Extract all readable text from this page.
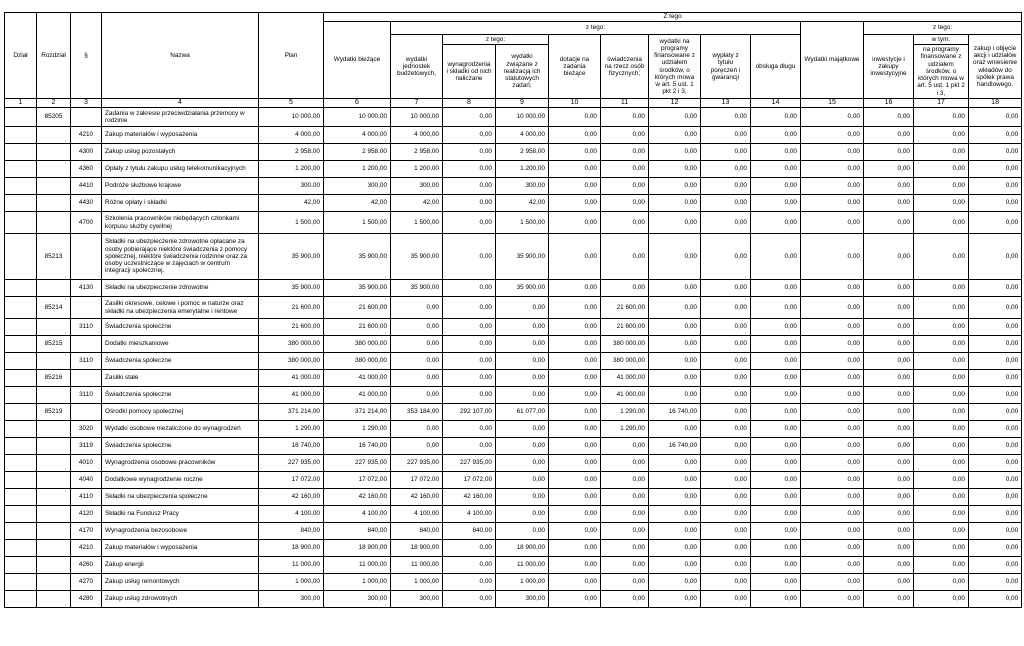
Dział	Rozdział	§	Nazwa	Plan	Z tego												
					Wydatki bieżące	z tego:								Wydatki majątkowe	z tego:		
						wydatki jednostek budżetowych,	z tego:		dotacje na zadania bieżące	świadczenia na rzecz osób fizycznych;	wydatki na programy finansowane z udziałem środków, o których mowa w art. 5 ust. 1 pkt 2 i 3,	wypłaty z tytułu poręczeń i gwarancji	obsługa długu		inwestycje i zakupy inwestycyjne	w tym:	zakup i objęcie akcji i udziałów oraz wniesienie wkładów do spółek prawa handlowego.
							wynagrodzenia i składki od nich naliczane	wydatki związane z realizacją ich statutowych zadań;								na programy finansowane z udziałem środków, o których mowa w art. 5 ust. 1 pkt 2 i 3,	

1	2	3	4	5	6	7	8	9	10	11	12	13	14	15	16	17	18
	85205		Zadania w zakresie przeciwdziałania przemocy w rodzinie	10 000,00	10 000,00	10 000,00	0,00	10 000,00	0,00	0,00	0,00	0,00	0,00	0,00	0,00	0,00	0,00
		4210	Zakup materiałów i wyposażenia	4 000,00	4 000,00	4 000,00	0,00	4 000,00	0,00	0,00	0,00	0,00	0,00	0,00	0,00	0,00	0,00
		4300	Zakup usług pozostałych	2 958,00	2 958,00	2 958,00	0,00	2 958,00	0,00	0,00	0,00	0,00	0,00	0,00	0,00	0,00	0,00
		4360	Opłaty z tytułu zakupu usług telekomunikacyjnych	1 200,00	1 200,00	1 200,00	0,00	1 200,00	0,00	0,00	0,00	0,00	0,00	0,00	0,00	0,00	0,00
		4410	Podróże służbowe krajowe	300,00	300,00	300,00	0,00	300,00	0,00	0,00	0,00	0,00	0,00	0,00	0,00	0,00	0,00
		4430	Różne opłaty i składki	42,00	42,00	42,00	0,00	42,00	0,00	0,00	0,00	0,00	0,00	0,00	0,00	0,00	0,00
		4700	Szkolenia pracowników niebędących członkami korpusu służby cywilnej	1 500,00	1 500,00	1 500,00	0,00	1 500,00	0,00	0,00	0,00	0,00	0,00	0,00	0,00	0,00	0,00
	85213		Składki na ubezpieczenie zdrowotne opłacane za osoby pobierające niektóre świadczenia z pomocy społecznej, niektóre świadczenia rodzinne oraz za osoby uczestniczące w zajęciach w centrum integracji społecznej.	35 900,00	35 900,00	35 900,00	0,00	35 900,00	0,00	0,00	0,00	0,00	0,00	0,00	0,00	0,00	0,00
		4130	Składki na ubezpieczenie zdrowotne	35 900,00	35 900,00	35 900,00	0,00	35 900,00	0,00	0,00	0,00	0,00	0,00	0,00	0,00	0,00	0,00
	85214		Zasiłki okresowe, celowe i pomoc w naturze oraz składki na ubezpieczenia emerytalne i rentowe	21 600,00	21 600,00	0,00	0,00	0,00	0,00	21 600,00	0,00	0,00	0,00	0,00	0,00	0,00	0,00
		3110	Świadczenia społeczne	21 600,00	21 600,00	0,00	0,00	0,00	0,00	21 600,00	0,00	0,00	0,00	0,00	0,00	0,00	0,00
	85215		Dodatki mieszkaniowe	380 000,00	380 000,00	0,00	0,00	0,00	0,00	380 000,00	0,00	0,00	0,00	0,00	0,00	0,00	0,00
		3110	Świadczenia społeczne	380 000,00	380 000,00	0,00	0,00	0,00	0,00	380 000,00	0,00	0,00	0,00	0,00	0,00	0,00	0,00
	85216		Zasiłki stałe	41 000,00	41 000,00	0,00	0,00	0,00	0,00	41 000,00	0,00	0,00	0,00	0,00	0,00	0,00	0,00
		3110	Świadczenia społeczne	41 000,00	41 000,00	0,00	0,00	0,00	0,00	41 000,00	0,00	0,00	0,00	0,00	0,00	0,00	0,00
	85219		Ośrodki pomocy społecznej	371 214,00	371 214,00	353 184,00	292 107,00	61 077,00	0,00	1 290,00	16 740,00	0,00	0,00	0,00	0,00	0,00	0,00
		3020	Wydatki osobowe niezaliczone do wynagrodzeń	1 290,00	1 290,00	0,00	0,00	0,00	0,00	1 290,00	0,00	0,00	0,00	0,00	0,00	0,00	0,00
		3119	Świadczenia społeczne	16 740,00	16 740,00	0,00	0,00	0,00	0,00	0,00	16 740,00	0,00	0,00	0,00	0,00	0,00	0,00
		4010	Wynagrodzenia osobowe pracowników	227 935,00	227 935,00	227 935,00	227 935,00	0,00	0,00	0,00	0,00	0,00	0,00	0,00	0,00	0,00	0,00
		4040	Dodatkowe wynagrodzenie roczne	17 072,00	17 072,00	17 072,00	17 072,00	0,00	0,00	0,00	0,00	0,00	0,00	0,00	0,00	0,00	0,00
		4110	Składki na ubezpieczenia społeczne	42 160,00	42 160,00	42 160,00	42 160,00	0,00	0,00	0,00	0,00	0,00	0,00	0,00	0,00	0,00	0,00
		4120	Składki na Fundusz Pracy	4 100,00	4 100,00	4 100,00	4 100,00	0,00	0,00	0,00	0,00	0,00	0,00	0,00	0,00	0,00	0,00
		4170	Wynagrodzenia bezosobowe	840,00	840,00	840,00	840,00	0,00	0,00	0,00	0,00	0,00	0,00	0,00	0,00	0,00	0,00
		4210	Zakup materiałów i wyposażenia	18 900,00	18 900,00	18 900,00	0,00	18 900,00	0,00	0,00	0,00	0,00	0,00	0,00	0,00	0,00	0,00
		4260	Zakup energii	11 000,00	11 000,00	11 000,00	0,00	11 000,00	0,00	0,00	0,00	0,00	0,00	0,00	0,00	0,00	0,00
		4270	Zakup usług remontowych	1 000,00	1 000,00	1 000,00	0,00	1 000,00	0,00	0,00	0,00	0,00	0,00	0,00	0,00	0,00	0,00
		4280	Zakup usług zdrowotnych	300,00	300,00	300,00	0,00	300,00	0,00	0,00	0,00	0,00	0,00	0,00	0,00	0,00	0,00
